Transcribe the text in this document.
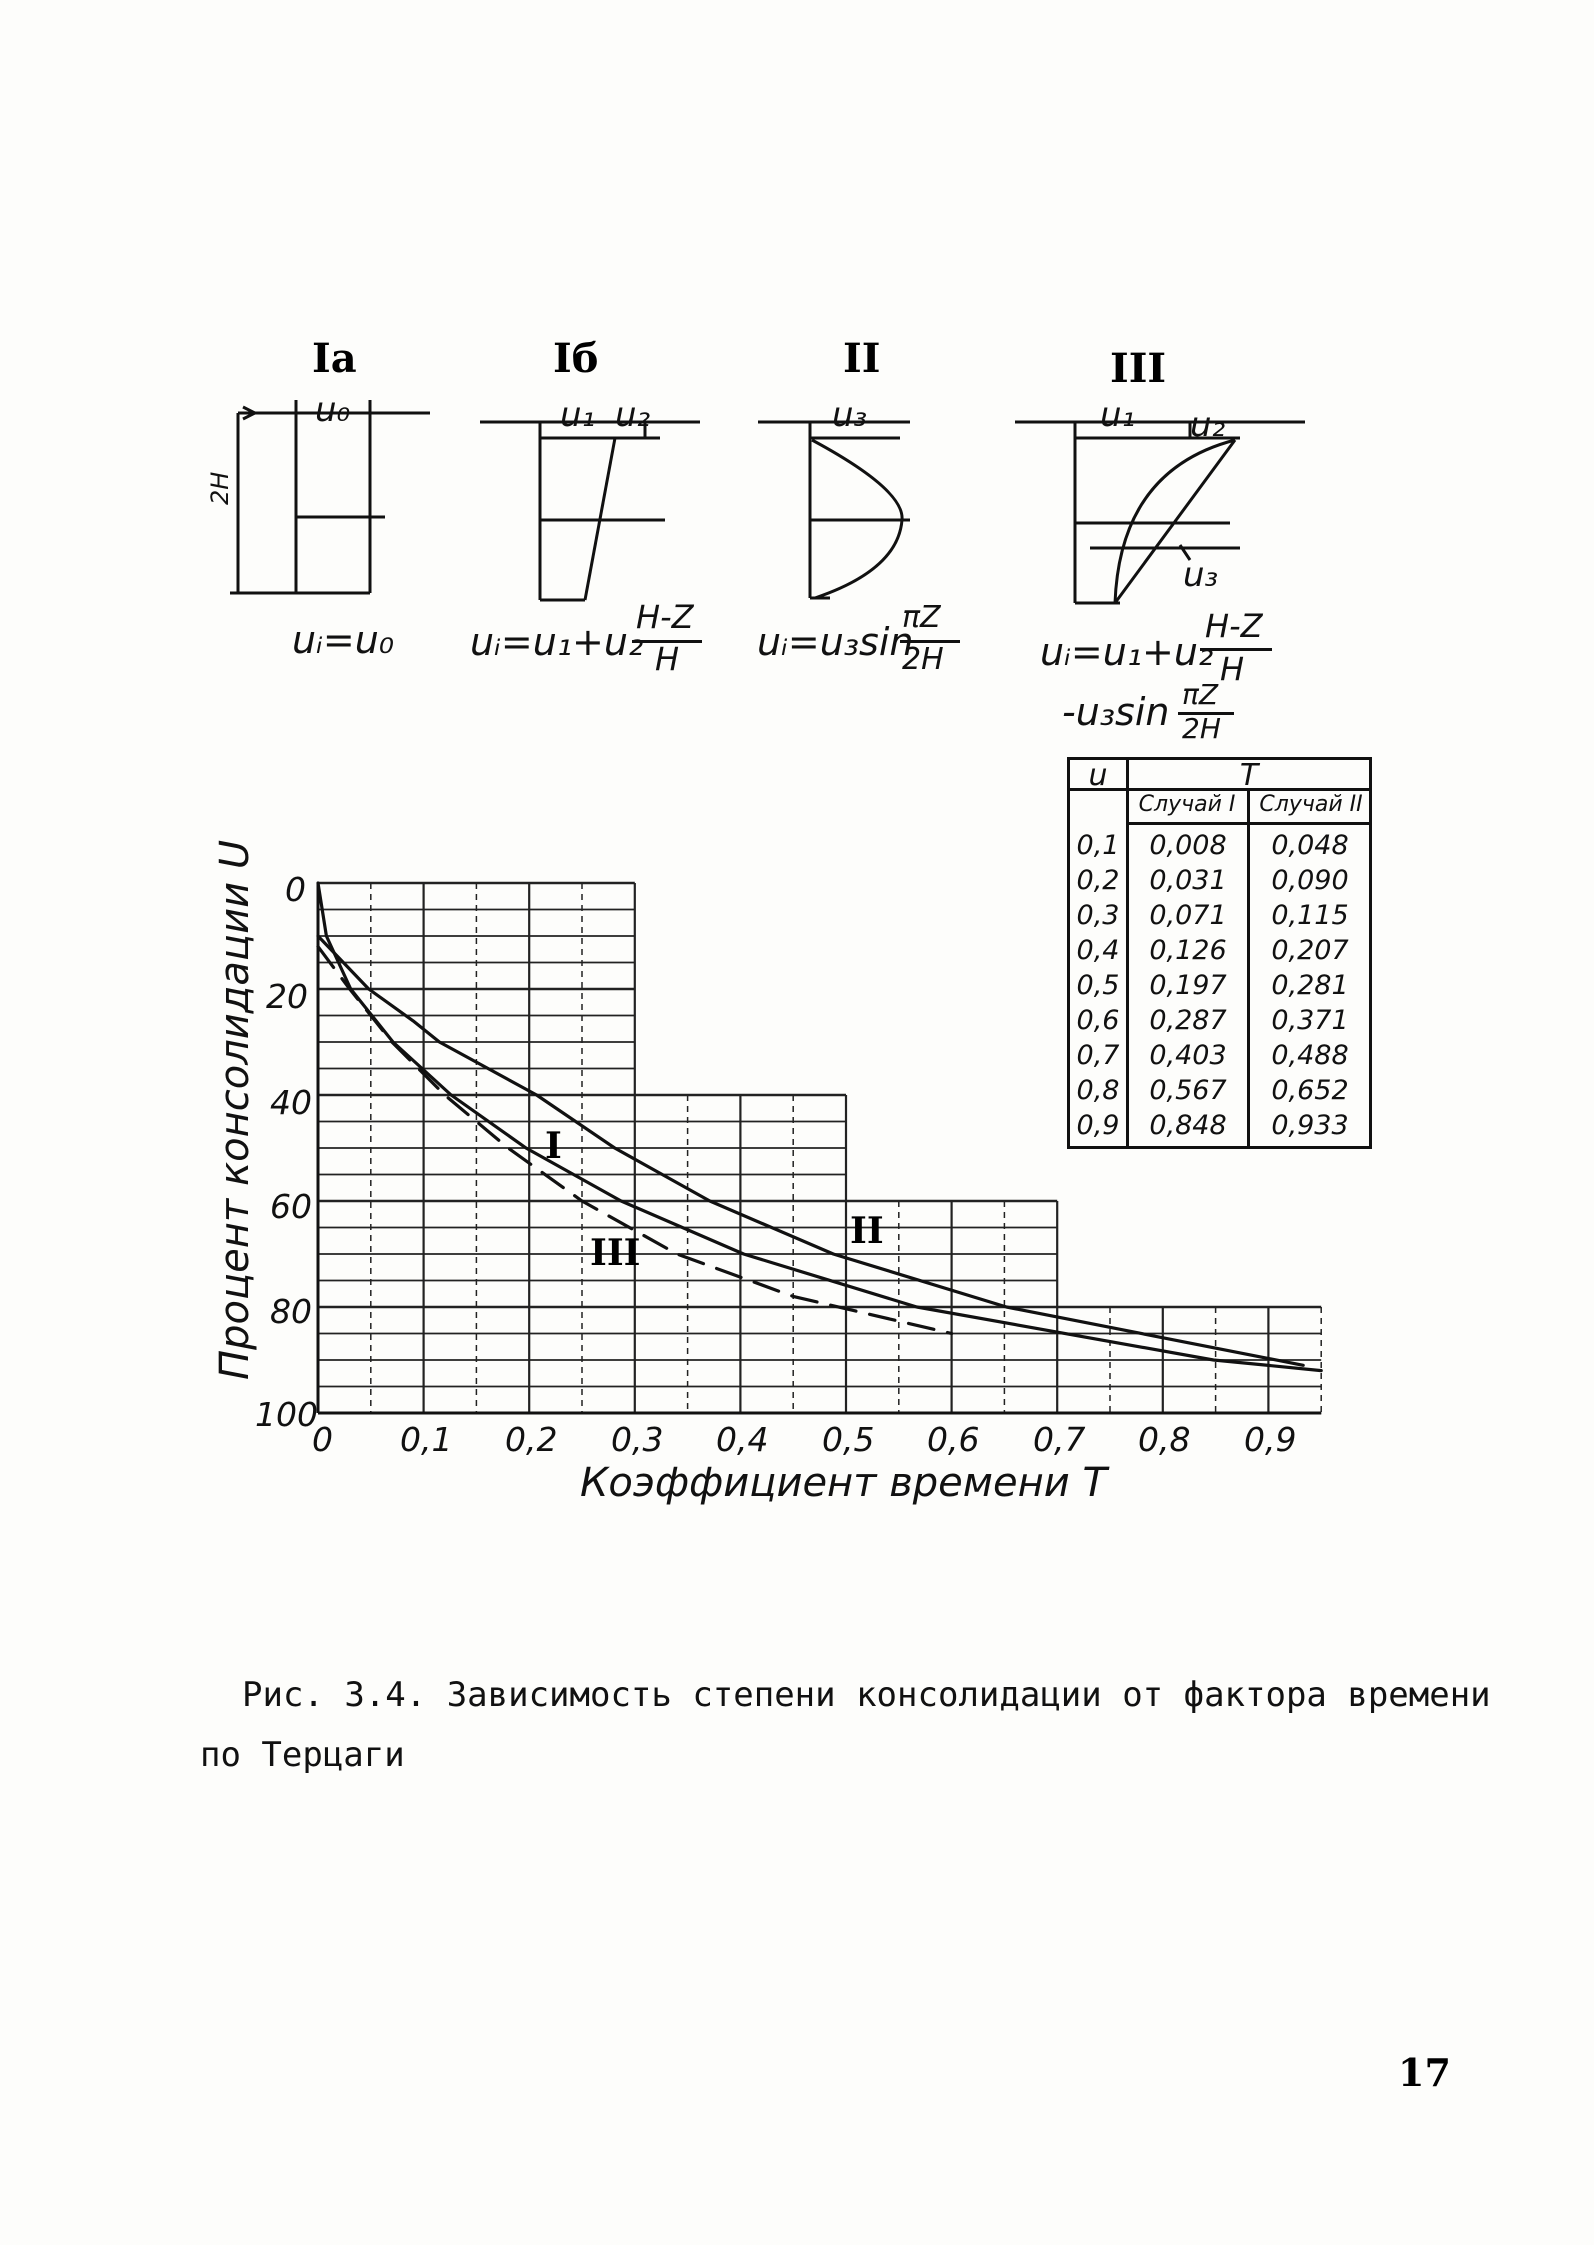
Iа	Iб	II	III
u₀
2H
u₁ u₂	u₃	u₁ u₂
u₃
uᵢ=u₀ uᵢ=u₁+u₂
H-Z
H uᵢ=u₃sin
πZ
2H	uᵢ=u₁+u₂
H-Z
H
-u₃sin πZ
2H
u	T
Случай I	Случай II
0,1	0,008	0,048
0,2	0,031	0,090
0,3	0,071	0,115
0,4	0,126	0,207
0,5	0,197	0,281
0,6	0,287	0,371
0,7	0,403	0,488
0,8	0,567	0,652
0,9	0,848	0,933
0
20
40
60
80
100
0 0,1 0,2 0,3 0,4 0,5 0,6 0,7 0,8 0,9
Коэффициент времени T
Процент консолидации U	I
II
III
Рис. 3.4. Зависимость степени консолидации от фактора времени
по Терцаги
17
